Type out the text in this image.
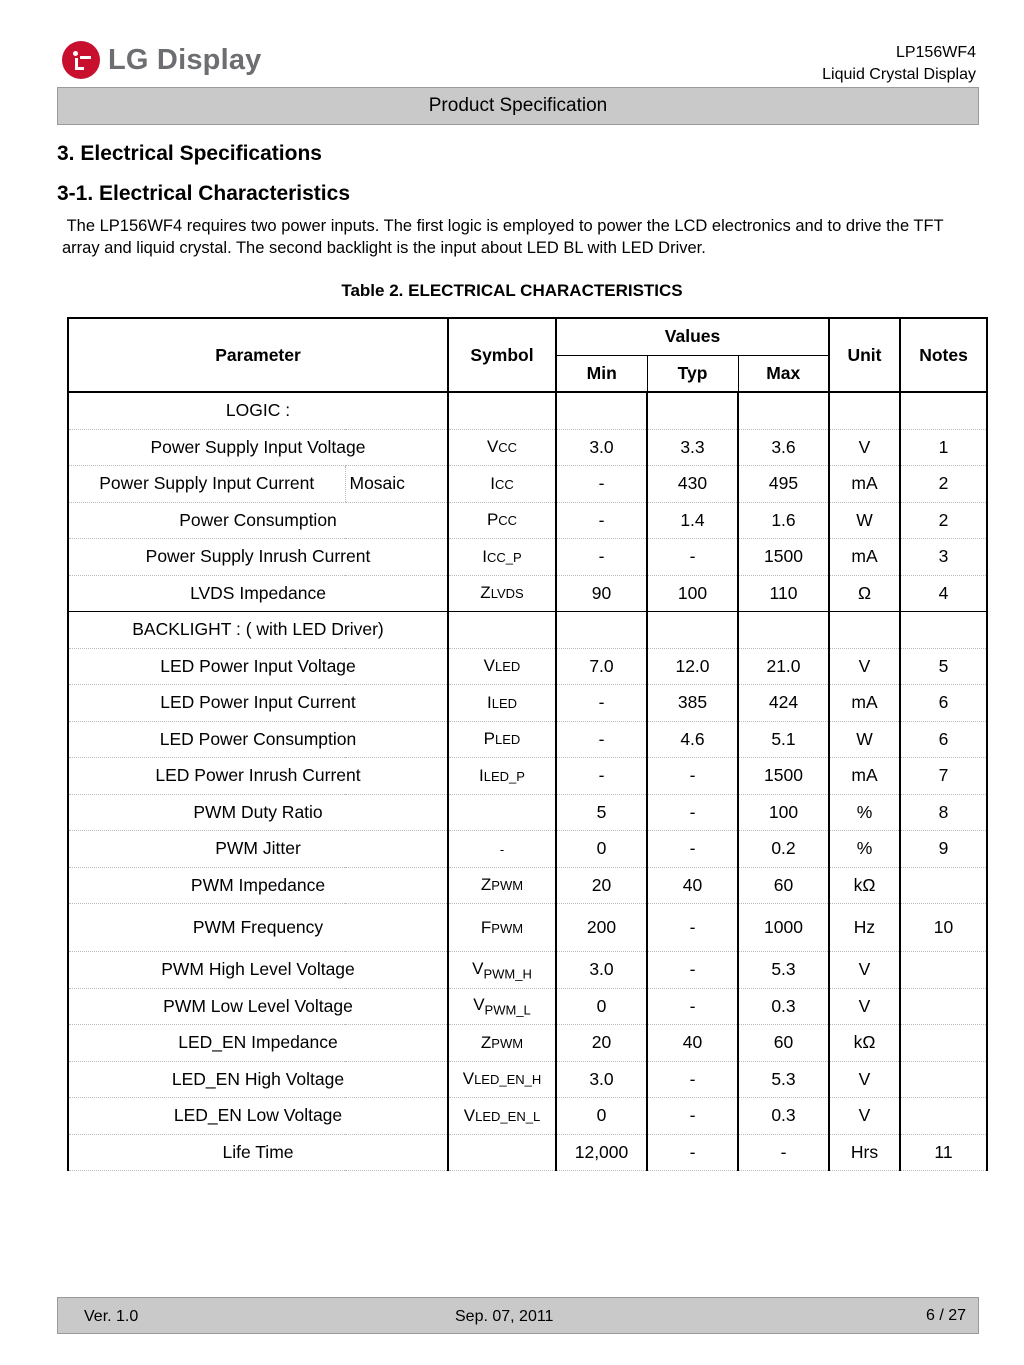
LG Display	LP156WF4
Liquid Crystal Display
Product Specification
3. Electrical Specifications
3-1. Electrical Characteristics
The LP156WF4 requires two power inputs. The first logic is employed to power the LCD electronics and to drive the TFT array and liquid crystal. The second backlight is the input about LED BL with LED Driver.
Table 2. ELECTRICAL CHARACTERISTICS
Parameter		Symbol	Values			Unit	Notes
			Min	Typ	Max		
LOGIC :							
Power Supply Input Voltage		VCC	3.0	3.3	3.6	V	1
Power Supply Input Current	Mosaic	ICC	-	430	495	mA	2
Power Consumption		PCC	-	1.4	1.6	W	2
Power Supply Inrush Current		ICC_P	-	-	1500	mA	3
LVDS Impedance		ZLVDS	90	100	110	Ω	4
BACKLIGHT : ( with LED Driver)							
LED Power Input Voltage		VLED	7.0	12.0	21.0	V	5
LED Power Input Current		ILED	-	385	424	mA	6
LED Power Consumption		PLED	-	4.6	5.1	W	6
LED Power Inrush Current		ILED_P	-	-	1500	mA	7
PWM Duty Ratio			5	-	100	%	8
PWM Jitter		-	0	-	0.2	%	9
PWM Impedance		ZPWM	20	40	60	kΩ	
PWM Frequency		FPWM	200	-	1000	Hz	10
PWM High Level Voltage		$V_{PWM\_H}$	3.0	-	5.3	V	
PWM Low Level Voltage		$V_{PWM\_L}$	0	-	0.3	V	
LED_EN Impedance		ZPWM	20	40	60	kΩ	
LED_EN High Voltage		VLED_EN_H	3.0	-	5.3	V	
LED_EN Low Voltage		VLED_EN_L	0	-	0.3	V	
Life Time			12,000	-	-	Hrs	11
Ver. 1.0	Sep. 07, 2011	6 / 27
